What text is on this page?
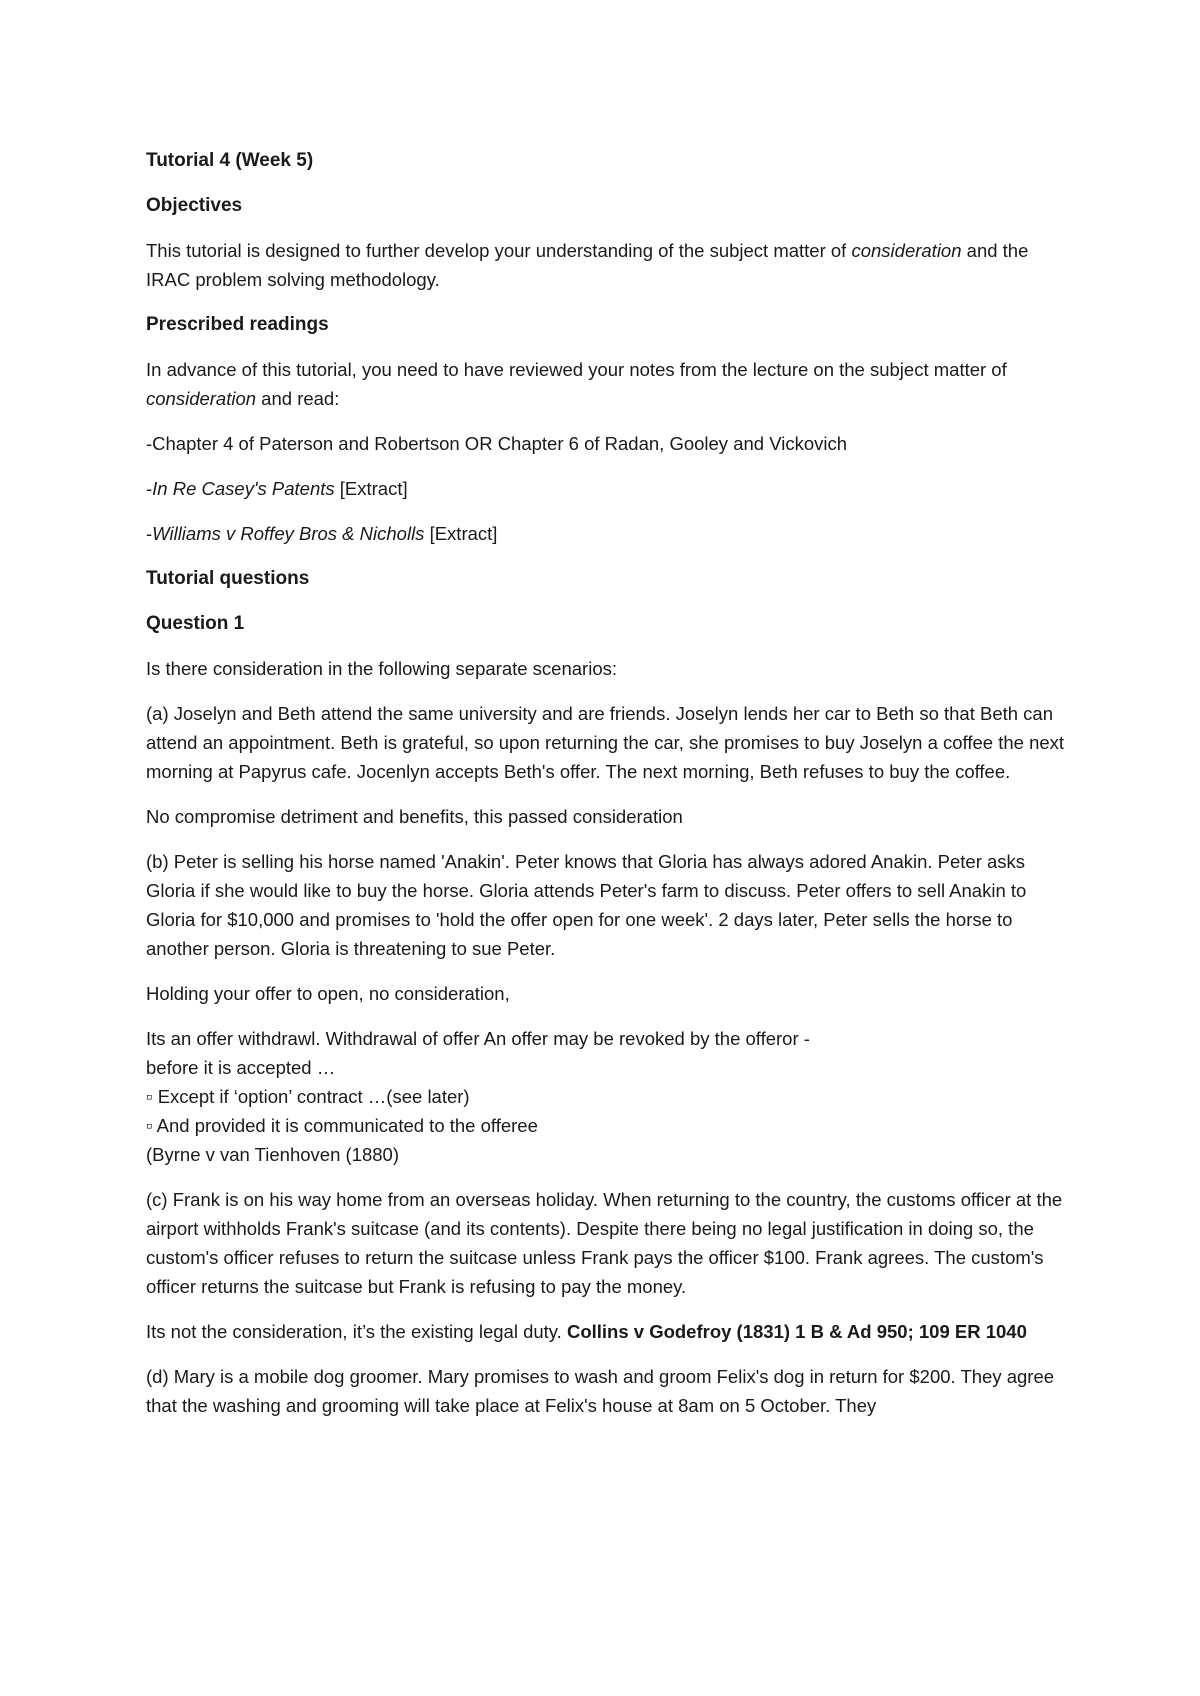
Tutorial 4 (Week 5)

Objectives

This tutorial is designed to further develop your understanding of the subject matter of consideration and the IRAC problem solving methodology.

Prescribed readings

In advance of this tutorial, you need to have reviewed your notes from the lecture on the subject matter of consideration and read:

-Chapter 4 of Paterson and Robertson OR Chapter 6 of Radan, Gooley and Vickovich

-In Re Casey's Patents [Extract]

-Williams v Roffey Bros & Nicholls [Extract]

Tutorial questions

Question 1

Is there consideration in the following separate scenarios:

(a) Joselyn and Beth attend the same university and are friends. Joselyn lends her car to Beth so that Beth can attend an appointment. Beth is grateful, so upon returning the car, she promises to buy Joselyn a coffee the next morning at Papyrus cafe. Jocenlyn accepts Beth's offer. The next morning, Beth refuses to buy the coffee.

No compromise detriment and benefits, this passed consideration

(b) Peter is selling his horse named 'Anakin'. Peter knows that Gloria has always adored Anakin. Peter asks Gloria if she would like to buy the horse. Gloria attends Peter's farm to discuss. Peter offers to sell Anakin to Gloria for $10,000 and promises to 'hold the offer open for one week'. 2 days later, Peter sells the horse to another person. Gloria is threatening to sue Peter.

Holding your offer to open, no consideration,

Its an offer withdrawl. Withdrawal of offer An offer may be revoked by the offeror -

before it is accepted …

▫ Except if ‘option’ contract …(see later)

▫ And provided it is communicated to the offeree

(Byrne v van Tienhoven (1880)

(c) Frank is on his way home from an overseas holiday. When returning to the country, the customs officer at the airport withholds Frank's suitcase (and its contents). Despite there being no legal justification in doing so, the custom's officer refuses to return the suitcase unless Frank pays the officer $100. Frank agrees. The custom's officer returns the suitcase but Frank is refusing to pay the money.

Its not the consideration, it’s the existing legal duty. Collins v Godefroy (1831) 1 B & Ad 950; 109 ER 1040

(d) Mary is a mobile dog groomer. Mary promises to wash and groom Felix's dog in return for $200. They agree that the washing and grooming will take place at Felix's house at 8am on 5 October. They
